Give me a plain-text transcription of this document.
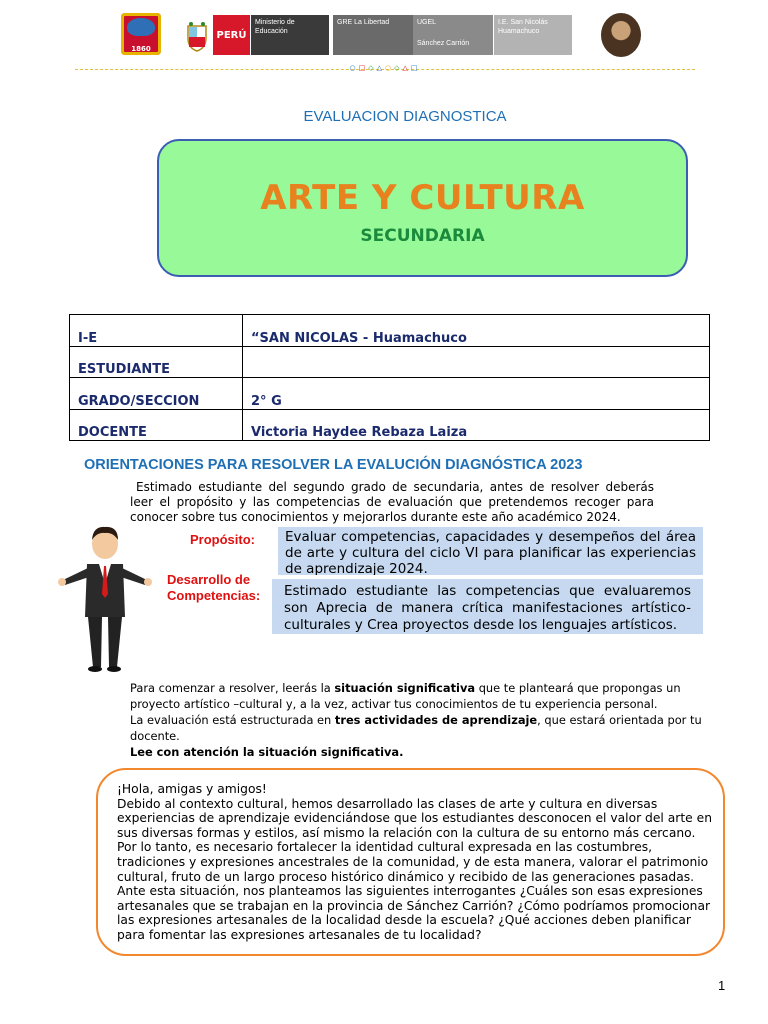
1860
PERÚ
Ministerio de
Educación
GRE La Libertad	UGEL
Sánchez Carrión
I.E. San Nicolás
Huamachuco
○□◇△○◇△□
EVALUACION DIAGNOSTICA
ARTE Y CULTURA
SECUNDARIA
I-E	“SAN NICOLAS - Huamachuco
ESTUDIANTE	
GRADO/SECCION	2° G
DOCENTE	Victoria Haydee Rebaza Laiza
ORIENTACIONES PARA RESOLVER LA EVALUCIÓN DIAGNÓSTICA 2023
Estimado estudiante del segundo grado de secundaria, antes de resolver deberás leer el propósito y las competencias de evaluación que pretendemos recoger para conocer sobre tus conocimientos y mejorarlos durante este año académico 2024.
Propósito:	Evaluar competencias, capacidades y desempeños del área de arte y cultura del ciclo VI para planificar las experiencias de aprendizaje 2024.
Desarrollo de
Competencias:	Estimado estudiante las competencias que evaluaremos son Aprecia de manera crítica manifestaciones artístico- culturales y Crea proyectos desde los lenguajes artísticos.
Para comenzar a resolver, leerás la situación significativa que te planteará que propongas un proyecto artístico –cultural y, a la vez, activar tus conocimientos de tu experiencia personal.
La evaluación está estructurada en tres actividades de aprendizaje, que estará orientada por tu docente.
Lee con atención la situación significativa.
¡Hola, amigas y amigos!
Debido al contexto cultural, hemos desarrollado las clases de arte y cultura en diversas experiencias de aprendizaje evidenciándose que los estudiantes desconocen el valor del arte en sus diversas formas y estilos, así mismo la relación con la cultura de su entorno más cercano. Por lo tanto, es necesario fortalecer la identidad cultural expresada en las costumbres, tradiciones y expresiones ancestrales de la comunidad, y de esta manera, valorar el patrimonio cultural, fruto de un largo proceso histórico dinámico y recibido de las generaciones pasadas. Ante esta situación, nos planteamos las siguientes interrogantes ¿Cuáles son esas expresiones artesanales que se trabajan en la provincia de Sánchez Carrión? ¿Cómo podríamos promocionar las expresiones artesanales de la localidad desde la escuela? ¿Qué acciones deben planificar para fomentar las expresiones artesanales de tu localidad?
1
